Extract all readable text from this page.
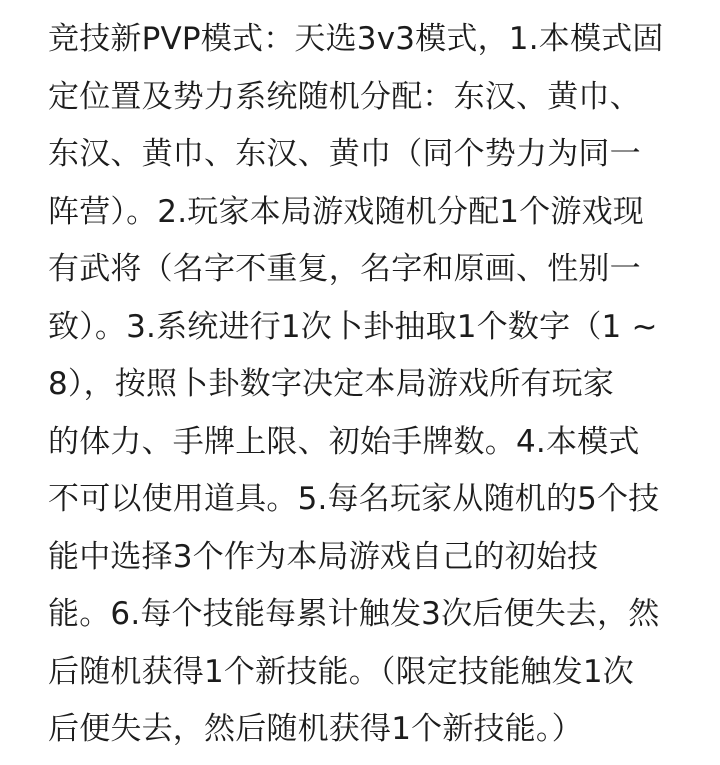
竞技新PVP模式：天选3v3模式，1.本模式固
定位置及势力系统随机分配：东汉、黄巾、
东汉、黄巾、东汉、黄巾（同个势力为同一
阵营）。2.玩家本局游戏随机分配1个游戏现
有武将（名字不重复，名字和原画、性别一
致）。3.系统进行1次卜卦抽取1个数字（1 ~
8），按照卜卦数字决定本局游戏所有玩家
的体力、手牌上限、初始手牌数。4.本模式
不可以使用道具。5.每名玩家从随机的5个技
能中选择3个作为本局游戏自己的初始技
能。6.每个技能每累计触发3次后便失去，然
后随机获得1个新技能。（限定技能触发1次
后便失去，然后随机获得1个新技能。）
